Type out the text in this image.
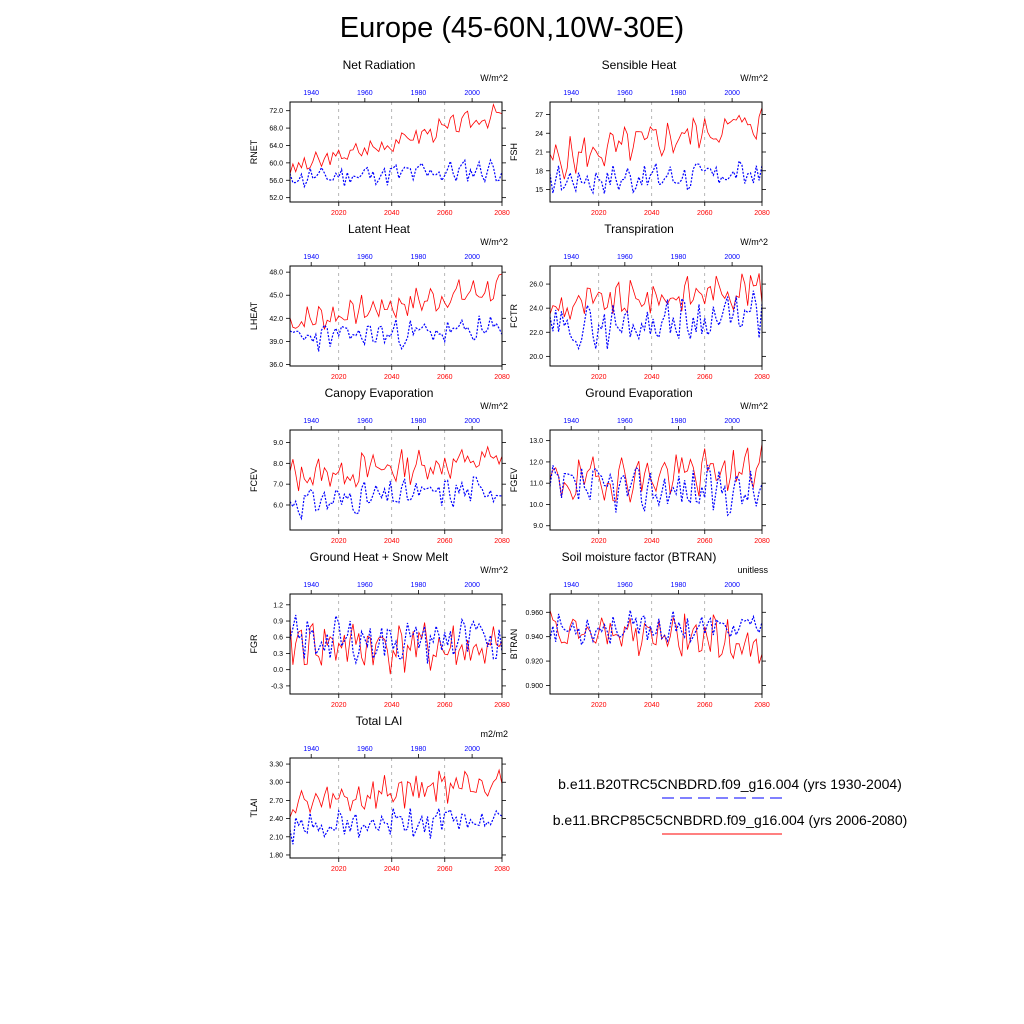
Europe (45-60N,10W-30E)
Net Radiation
W/m^2
52.0
56.0
60.0
64.0
68.0
72.0
RNET
2020	2040	2060	2080
1940	1960	1980	2000
Sensible Heat
W/m^2
15
18
21
24
27
FSH
2020	2040	2060	2080
1940	1960	1980	2000
Latent Heat
W/m^2
36.0
39.0
42.0
45.0
48.0
LHEAT
2020	2040	2060	2080
1940	1960	1980	2000
Transpiration
W/m^2
20.0
22.0
24.0
26.0
FCTR
2020	2040	2060	2080
1940	1960	1980	2000
Canopy Evaporation
W/m^2
6.0
7.0
8.0
9.0
FCEV
2020	2040	2060	2080
1940	1960	1980	2000
Ground Evaporation
W/m^2
9.0
10.0
11.0
12.0
13.0
FGEV
2020	2040	2060	2080
1940	1960	1980	2000
Ground Heat + Snow Melt
W/m^2
-0.3
0.0
0.3
0.6
0.9
1.2
FGR
2020	2040	2060	2080
1940	1960	1980	2000
Soil moisture factor (BTRAN)
unitless
0.900
0.920
0.940
0.960
BTRAN
2020	2040	2060	2080
1940	1960	1980	2000
Total LAI
m2/m2
1.80
2.10
2.40
2.70
3.00
3.30
TLAI
2020	2040	2060	2080
1940	1960	1980	2000
b.e11.B20TRC5CNBDRD.f09_g16.004 (yrs 1930-2004)
b.e11.BRCP85C5CNBDRD.f09_g16.004 (yrs 2006-2080)
